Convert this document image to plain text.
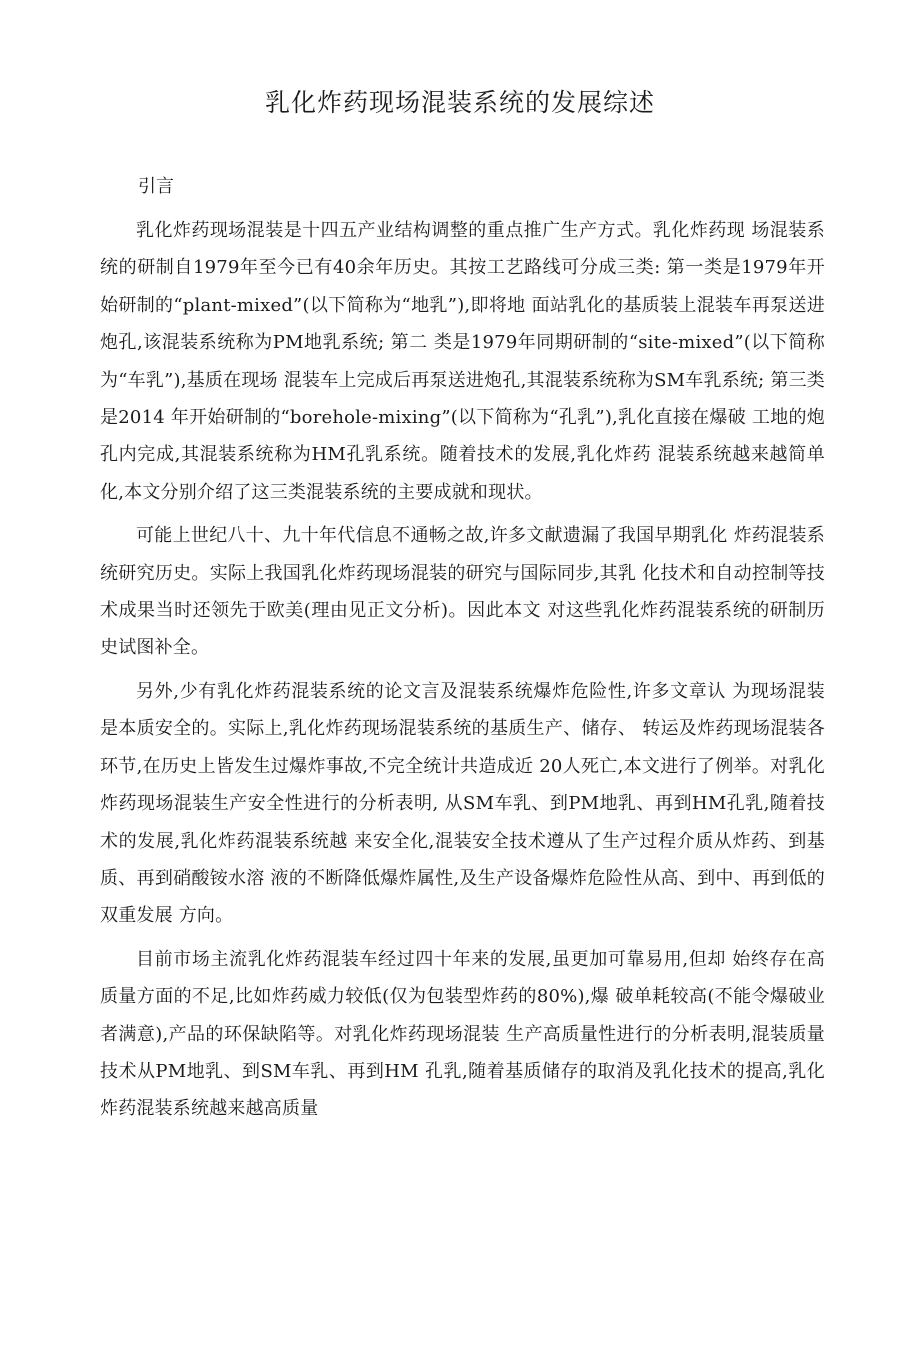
乳化炸药现场混装系统的发展综述
引言

乳化炸药现场混装是十四五产业结构调整的重点推广生产方式。乳化炸药现 场混装系统的研制自1979年至今已有40余年历史。其按工艺路线可分成三类: 第一类是1979年开始研制的“plant-mixed”(以下简称为“地乳”),即将地 面站乳化的基质装上混装车再泵送进炮孔,该混装系统称为PM地乳系统; 第二 类是1979年同期研制的“site-mixed”(以下简称为“车乳”),基质在现场 混装车上完成后再泵送进炮孔,其混装系统称为SM车乳系统; 第三类是2014 年开始研制的“borehole-mixing”(以下简称为“孔乳”),乳化直接在爆破 工地的炮孔内完成,其混装系统称为HM孔乳系统。随着技术的发展,乳化炸药 混装系统越来越简单化,本文分别介绍了这三类混装系统的主要成就和现状。

可能上世纪八十、九十年代信息不通畅之故,许多文献遗漏了我国早期乳化 炸药混装系统研究历史。实际上我国乳化炸药现场混装的研究与国际同步,其乳 化技术和自动控制等技术成果当时还领先于欧美(理由见正文分析)。因此本文 对这些乳化炸药混装系统的研制历史试图补全。

另外,少有乳化炸药混装系统的论文言及混装系统爆炸危险性,许多文章认 为现场混装是本质安全的。实际上,乳化炸药现场混装系统的基质生产、储存、 转运及炸药现场混装各环节,在历史上皆发生过爆炸事故,不完全统计共造成近 20人死亡,本文进行了例举。对乳化炸药现场混装生产安全性进行的分析表明, 从SM车乳、到PM地乳、再到HM孔乳,随着技术的发展,乳化炸药混装系统越 来安全化,混装安全技术遵从了生产过程介质从炸药、到基质、再到硝酸铵水溶 液的不断降低爆炸属性,及生产设备爆炸危险性从高、到中、再到低的双重发展 方向。

目前市场主流乳化炸药混装车经过四十年来的发展,虽更加可靠易用,但却 始终存在高质量方面的不足,比如炸药威力较低(仅为包装型炸药的80%),爆 破单耗较高(不能令爆破业者满意),产品的环保缺陷等。对乳化炸药现场混装 生产高质量性进行的分析表明,混装质量技术从PM地乳、到SM车乳、再到HM 孔乳,随着基质储存的取消及乳化技术的提高,乳化炸药混装系统越来越高质量
